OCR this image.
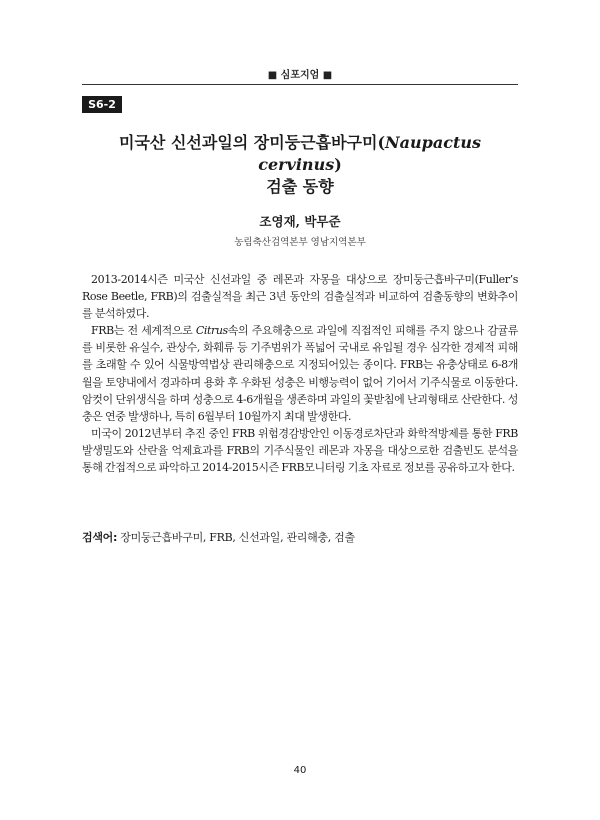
■ 심포지엄 ■
S6-2
미국산 신선과일의 장미둥근흡바구미(Naupactus cervinus)
검출 동향
조영재, 박무준
농림축산검역본부 영남지역본부

2013-2014시즌 미국산 신선과일 중 레몬과 자몽을 대상으로 장미둥근흡바구미(Fuller’s Rose Beetle, FRB)의 검출실적을 최근 3년 동안의 검출실적과 비교하여 검출동향의 변화추이를 분석하였다.

FRB는 전 세계적으로 Citrus속의 주요해충으로 과일에 직접적인 피해를 주지 않으나 감귤류를 비롯한 유실수, 관상수, 화훼류 등 기주범위가 폭넓어 국내로 유입될 경우 심각한 경제적 피해를 초래할 수 있어 식물방역법상 관리해충으로 지정되어있는 종이다. FRB는 유충상태로 6-8개월을 토양내에서 경과하며 용화 후 우화된 성충은 비행능력이 없어 기어서 기주식물로 이동한다. 암컷이 단위생식을 하며 성충으로 4-6개월을 생존하며 과일의 꽃받침에 난괴형태로 산란한다. 성충은 연중 발생하나, 특히 6월부터 10월까지 최대 발생한다.

미국이 2012년부터 추진 중인 FRB 위험경감방안인 이동경로차단과 화학적방제를 통한 FRB 발생밀도와 산란율 억제효과를 FRB의 기주식물인 레몬과 자몽을 대상으로한 검출빈도 분석을 통해 간접적으로 파악하고 2014-2015시즌 FRB모니터링 기초 자료로 정보를 공유하고자 한다.

검색어: 장미둥근흡바구미, FRB, 신선과일, 관리해충, 검출
40
